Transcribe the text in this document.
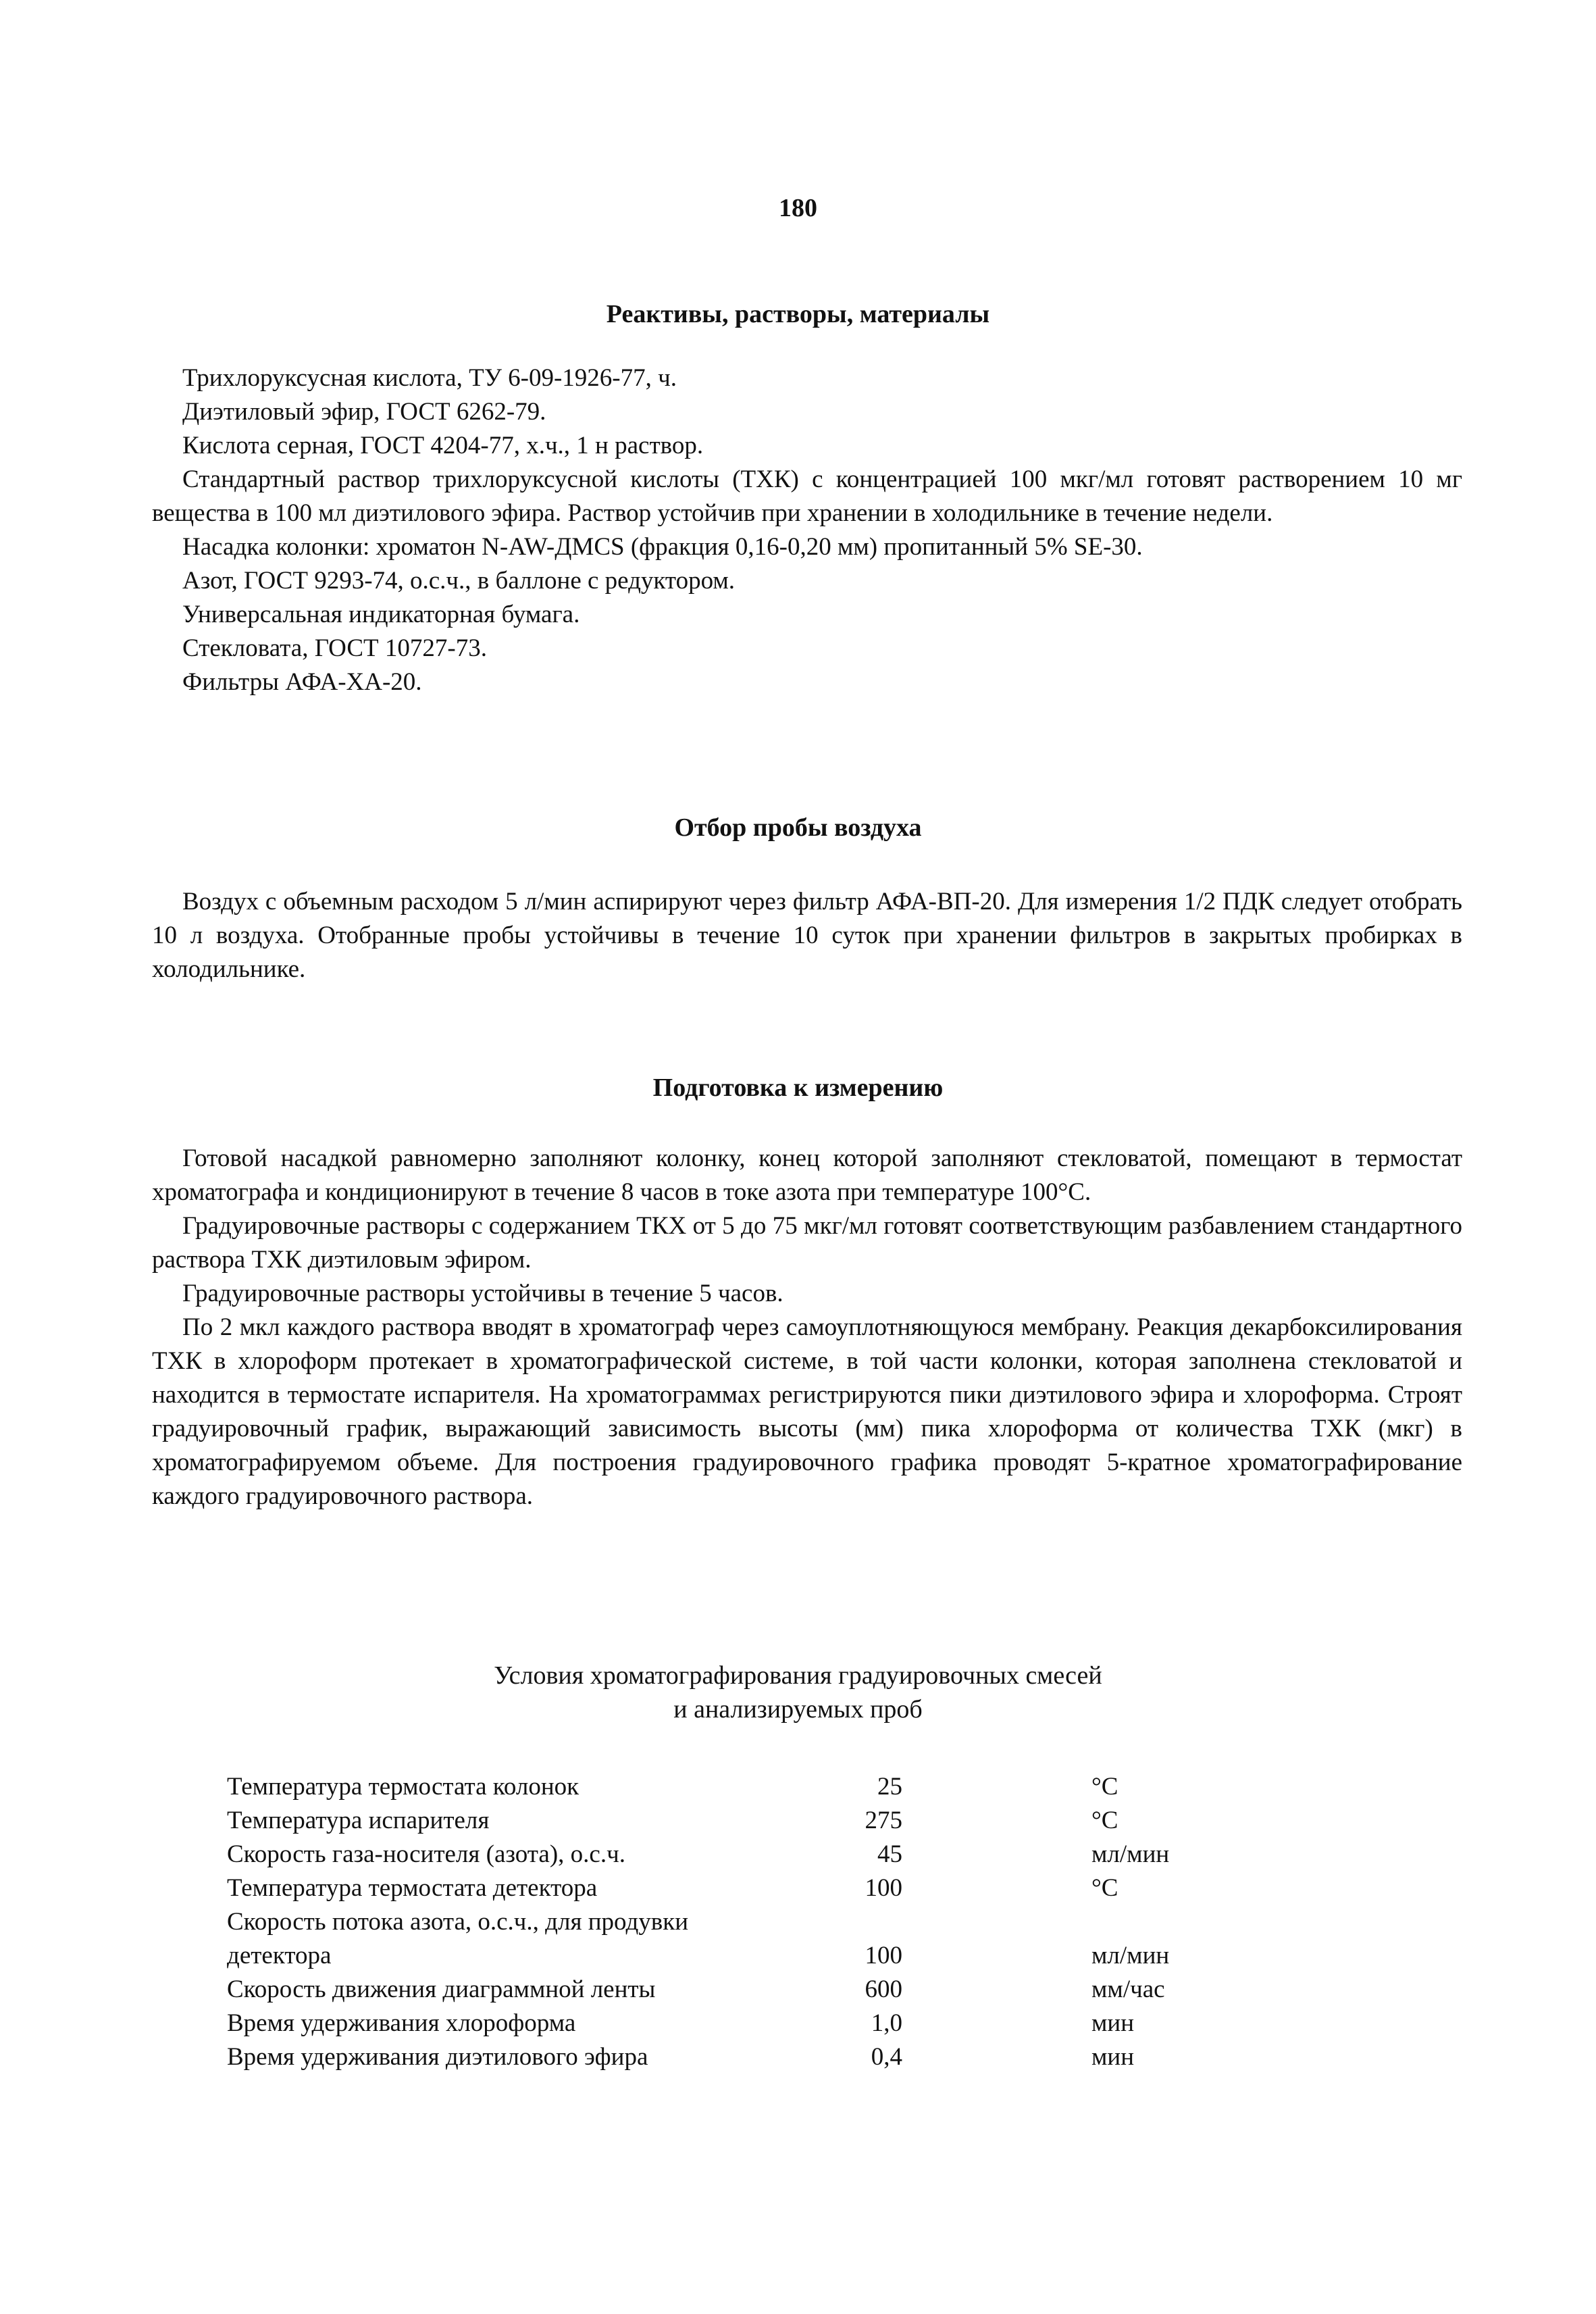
180
Реактивы, растворы, материалы

Трихлоруксусная кислота, ТУ 6-09-1926-77, ч.

Диэтиловый эфир, ГОСТ 6262-79.

Кислота серная, ГОСТ 4204-77, х.ч., 1 н раствор.

Стандартный раствор трихлоруксусной кислоты (ТХК) с концентрацией 100 мкг/мл готовят растворением 10 мг вещества в 100 мл диэтилового эфира. Раствор устойчив при хранении в холодильнике в течение недели.

Насадка колонки: хроматон N-AW-ДМCS (фракция 0,16-0,20 мм) пропитанный 5% SE-30.

Азот, ГОСТ 9293-74, о.с.ч., в баллоне с редуктором.

Универсальная индикаторная бумага.

Стекловата, ГОСТ 10727-73.

Фильтры АФА-ХА-20.

Отбор пробы воздуха

Воздух с объемным расходом 5 л/мин аспирируют через фильтр АФА-ВП-20. Для измерения 1/2 ПДК следует отобрать 10 л воздуха. Отобранные пробы устойчивы в течение 10 суток при хранении фильтров в закрытых пробирках в холодильнике.

Подготовка к измерению

Готовой насадкой равномерно заполняют колонку, конец которой заполняют стекловатой, помещают в термостат хроматографа и кондиционируют в течение 8 часов в токе азота при температуре 100°С.

Градуировочные растворы с содержанием ТКХ от 5 до 75 мкг/мл готовят соответствующим разбавлением стандартного раствора ТХК диэтиловым эфиром.

Градуировочные растворы устойчивы в течение 5 часов.

По 2 мкл каждого раствора вводят в хроматограф через самоуплотняющуюся мембрану. Реакция декарбоксилирования ТХК в хлороформ протекает в хроматографической системе, в той части колонки, которая заполнена стекловатой и находится в термостате испарителя. На хроматограммах регистрируются пики диэтилового эфира и хлороформа. Строят градуировочный график, выражающий зависимость высоты (мм) пика хлороформа от количества ТХК (мкг) в хроматографируемом объеме. Для построения градуировочного графика проводят 5-кратное хроматографирование каждого градуировочного раствора.

Условия хроматографирования градуировочных смесей
и анализируемых проб
Температура термостата колонок	25	°С
Температура испарителя	275	°С
Скорость газа-носителя (азота), о.с.ч.	45	мл/мин
Температура термостата детектора	100	°С
Скорость потока азота, о.с.ч., для продувки детектора	100	мл/мин
Скорость движения диаграммной ленты	600	мм/час
Время удерживания хлороформа	1,0	мин
Время удерживания диэтилового эфира	0,4	мин
